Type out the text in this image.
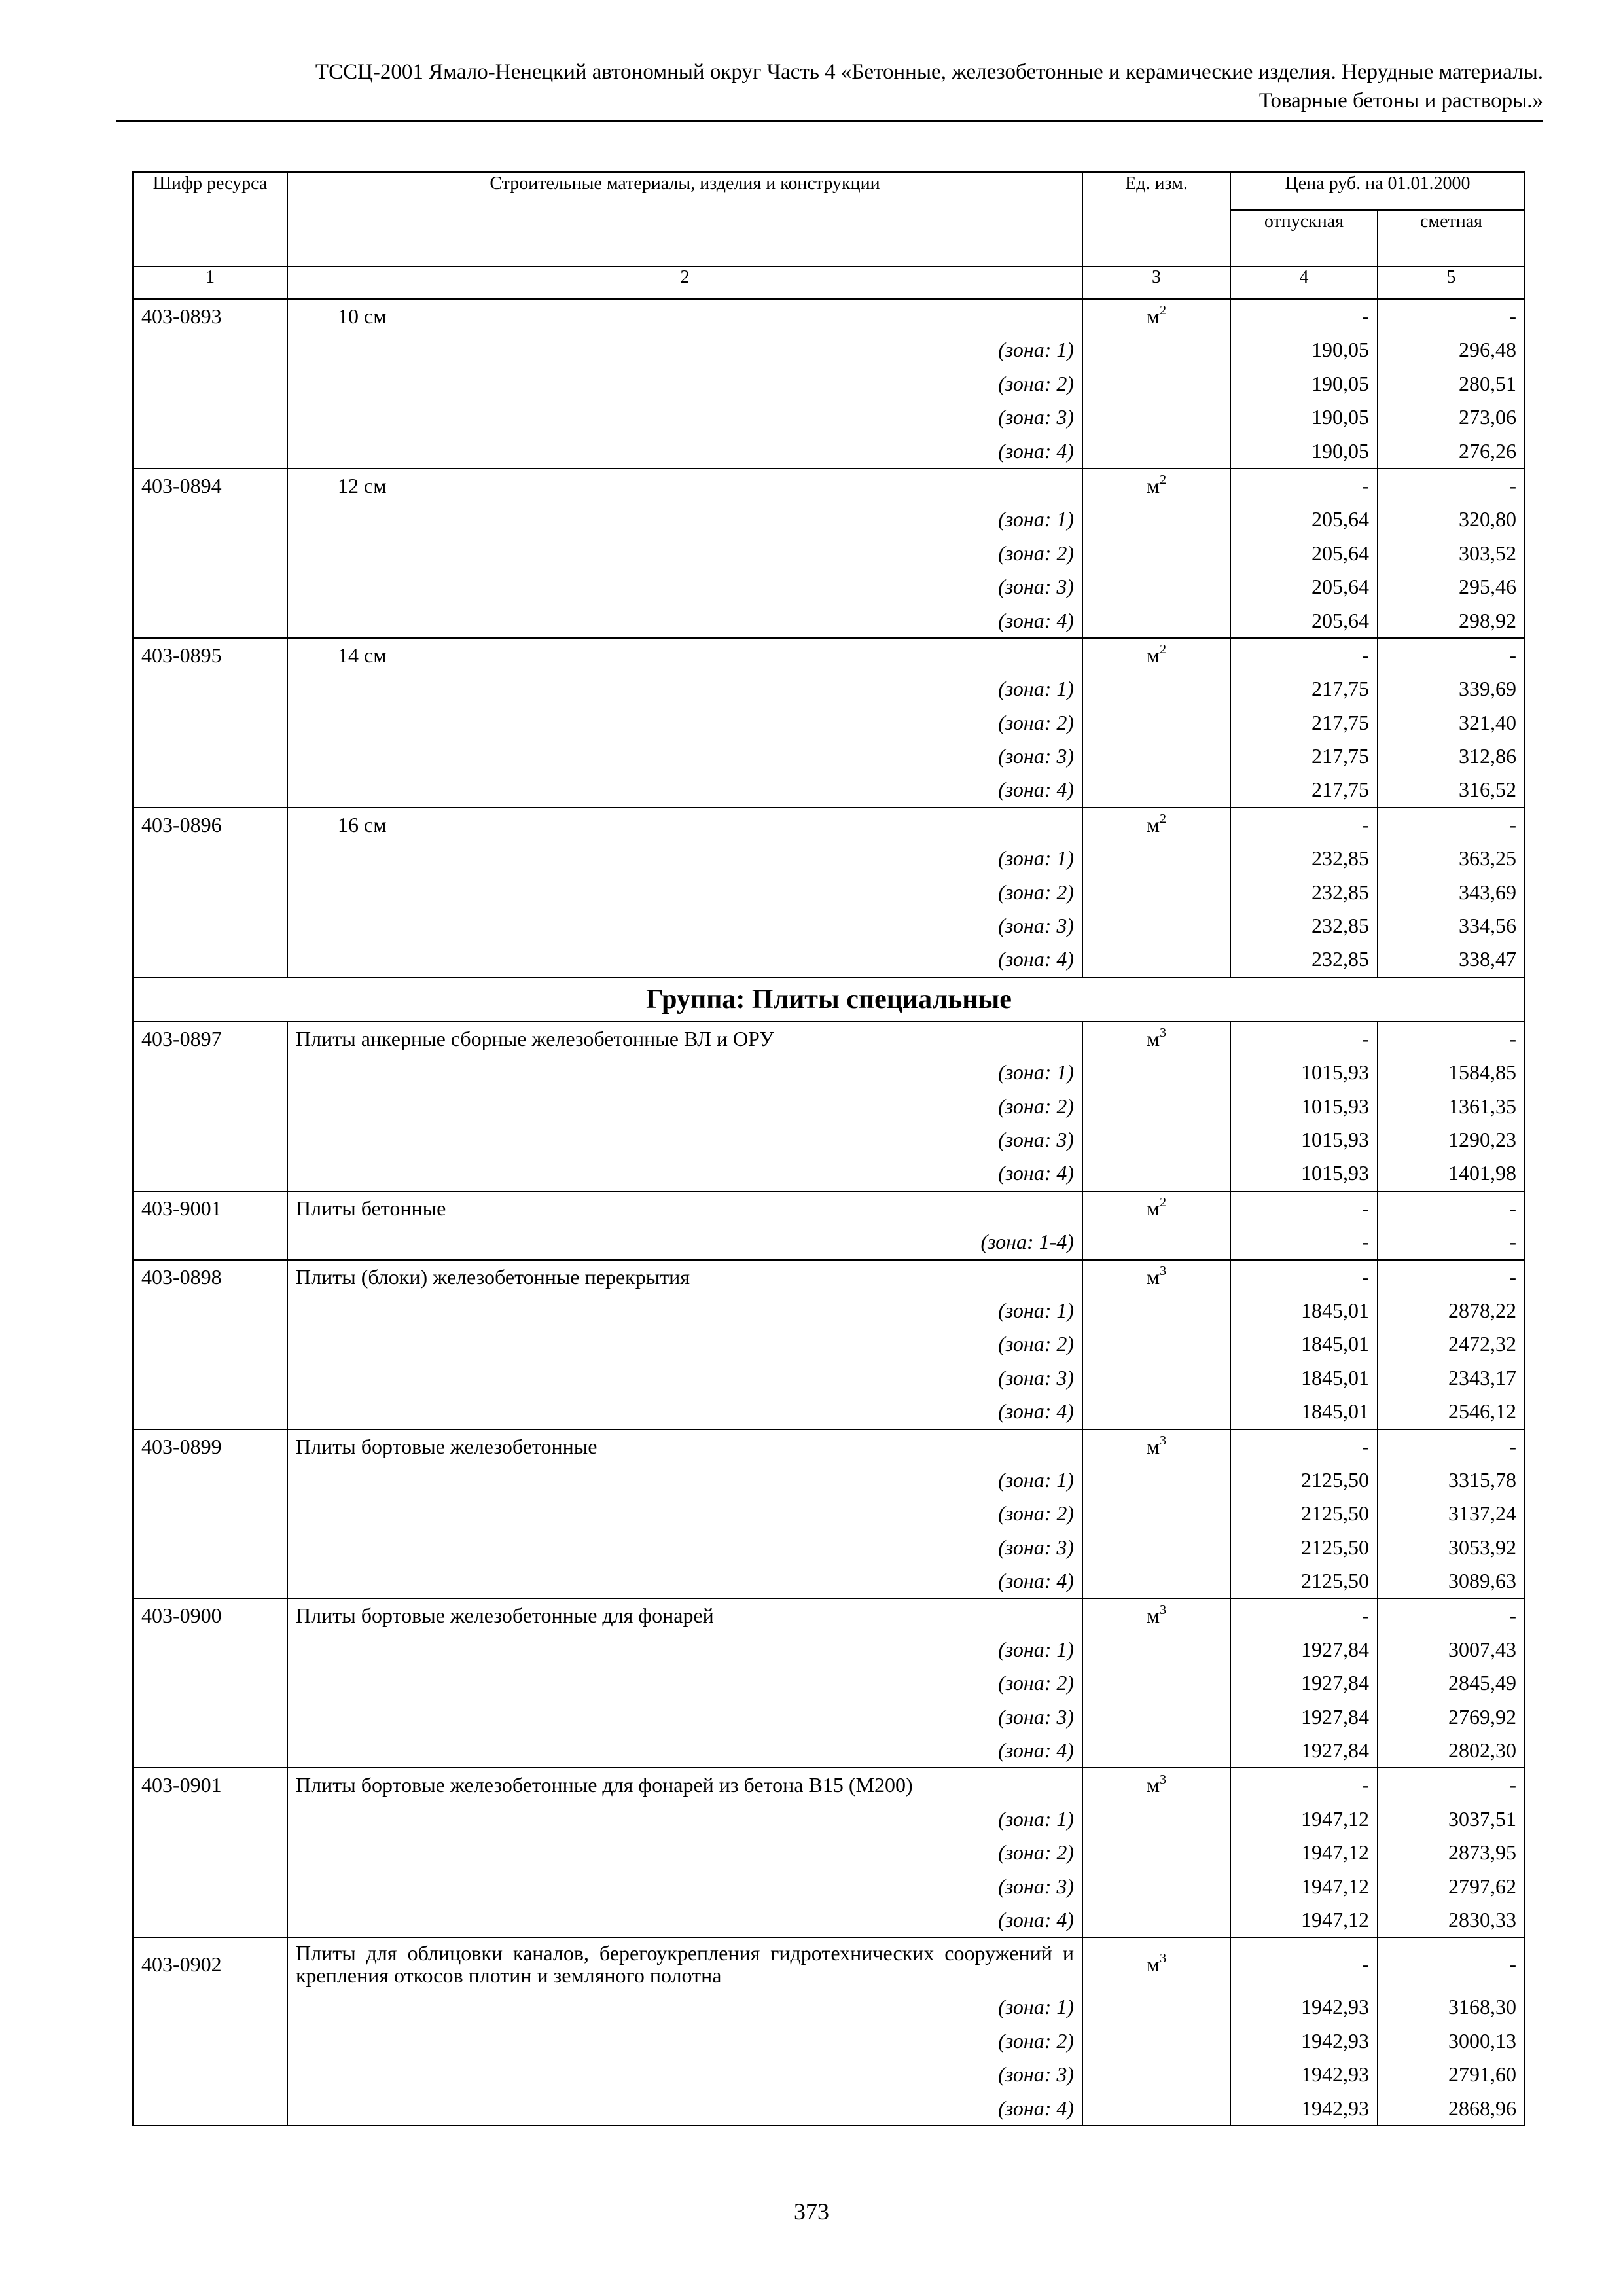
ТССЦ-2001 Ямало-Ненецкий автономный округ Часть 4 «Бетонные, железобетонные и керамические изделия. Нерудные материалы.
Товарные бетоны и растворы.»
Шифр ресурса	Строительные материалы, изделия и конструкции	Ед. изм.	Цена руб. на 01.01.2000	
			отпускная	сметная
1	2	3	4	5
403-0893	10 см	$м^2$	-	-
	(зона: 1)		190,05	296,48
	(зона: 2)		190,05	280,51
	(зона: 3)		190,05	273,06
	(зона: 4)		190,05	276,26
403-0894	12 см	$м^2$	-	-
	(зона: 1)		205,64	320,80
	(зона: 2)		205,64	303,52
	(зона: 3)		205,64	295,46
	(зона: 4)		205,64	298,92
403-0895	14 см	$м^2$	-	-
	(зона: 1)		217,75	339,69
	(зона: 2)		217,75	321,40
	(зона: 3)		217,75	312,86
	(зона: 4)		217,75	316,52
403-0896	16 см	$м^2$	-	-
	(зона: 1)		232,85	363,25
	(зона: 2)		232,85	343,69
	(зона: 3)		232,85	334,56
	(зона: 4)		232,85	338,47
Группа: Плиты специальные				
403-0897	Плиты анкерные сборные железобетонные ВЛ и ОРУ	$м^3$	-	-
	(зона: 1)		1015,93	1584,85
	(зона: 2)		1015,93	1361,35
	(зона: 3)		1015,93	1290,23
	(зона: 4)		1015,93	1401,98
403-9001	Плиты бетонные	$м^2$	-	-
	(зона: 1-4)		-	-
403-0898	Плиты (блоки) железобетонные перекрытия	$м^3$	-	-
	(зона: 1)		1845,01	2878,22
	(зона: 2)		1845,01	2472,32
	(зона: 3)		1845,01	2343,17
	(зона: 4)		1845,01	2546,12
403-0899	Плиты бортовые железобетонные	$м^3$	-	-
	(зона: 1)		2125,50	3315,78
	(зона: 2)		2125,50	3137,24
	(зона: 3)		2125,50	3053,92
	(зона: 4)		2125,50	3089,63
403-0900	Плиты бортовые железобетонные для фонарей	$м^3$	-	-
	(зона: 1)		1927,84	3007,43
	(зона: 2)		1927,84	2845,49
	(зона: 3)		1927,84	2769,92
	(зона: 4)		1927,84	2802,30
403-0901	Плиты бортовые железобетонные для фонарей из бетона В15 (М200)	$м^3$	-	-
	(зона: 1)		1947,12	3037,51
	(зона: 2)		1947,12	2873,95
	(зона: 3)		1947,12	2797,62
	(зона: 4)		1947,12	2830,33
403-0902	Плиты для облицовки каналов, берегоукрепления гидротехнических сооружений и крепления откосов плотин и земляного полотна	$м^3$	-	-
	(зона: 1)		1942,93	3168,30
	(зона: 2)		1942,93	3000,13
	(зона: 3)		1942,93	2791,60
	(зона: 4)		1942,93	2868,96
373
